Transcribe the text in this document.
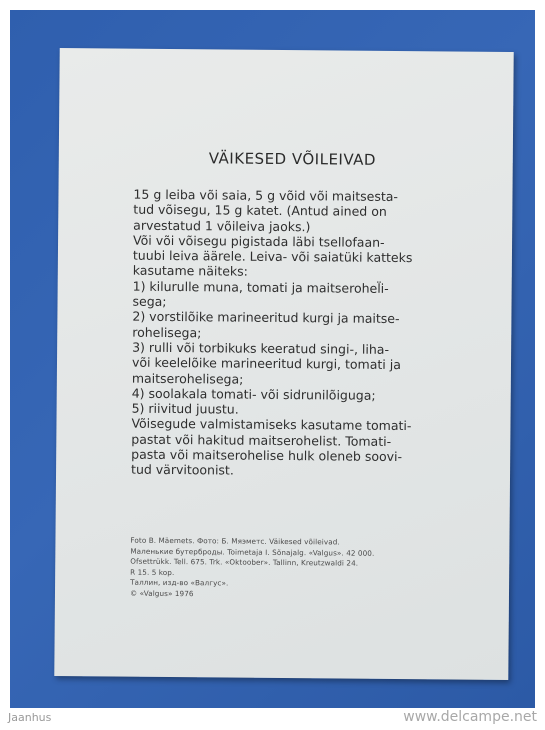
VÄIKESED VÕILEIVAD
15 g leiba või saia, 5 g võid või maitsesta-
tud võisegu, 15 g katet. (Antud ained on
arvestatud 1 võileiva jaoks.)
Või või võisegu pigistada läbi tsellofaan-
tuubi leiva äärele. Leiva- või saiatüki katteks
kasutame näiteks:
1) kilurulle muna, tomati ja maitserohel̈i-
sega;
2) vorstilõike marineeritud kurgi ja maitse-
rohelisega;
3) rulli või torbikuks keeratud singi-, liha-
või keelelõike marineeritud kurgi, tomati ja
maitserohelisega;
4) soolakala tomati- või sidrunilõiguga;
5) riivitud juustu.
Võisegude valmistamiseks kasutame tomati-
pastat või hakitud maitserohelist. Tomati-
pasta või maitserohelise hulk oleneb soovi-
tud värvitoonist.
Foto B. Mäemets. Фото: Б. Мяэметс. Väikesed võileivad.
Маленькие бутерброды. Toimetaja I. Sõnajalg. «Valgus». 42 000.
Ofsettrükk. Tell. 675. Trk. «Oktoober». Tallinn, Kreutzwaldi 24.
R 15. 5 kop.
Таллин, изд-во «Валгус».
© «Valgus» 1976
Jaanhus	www.delcampe.net
